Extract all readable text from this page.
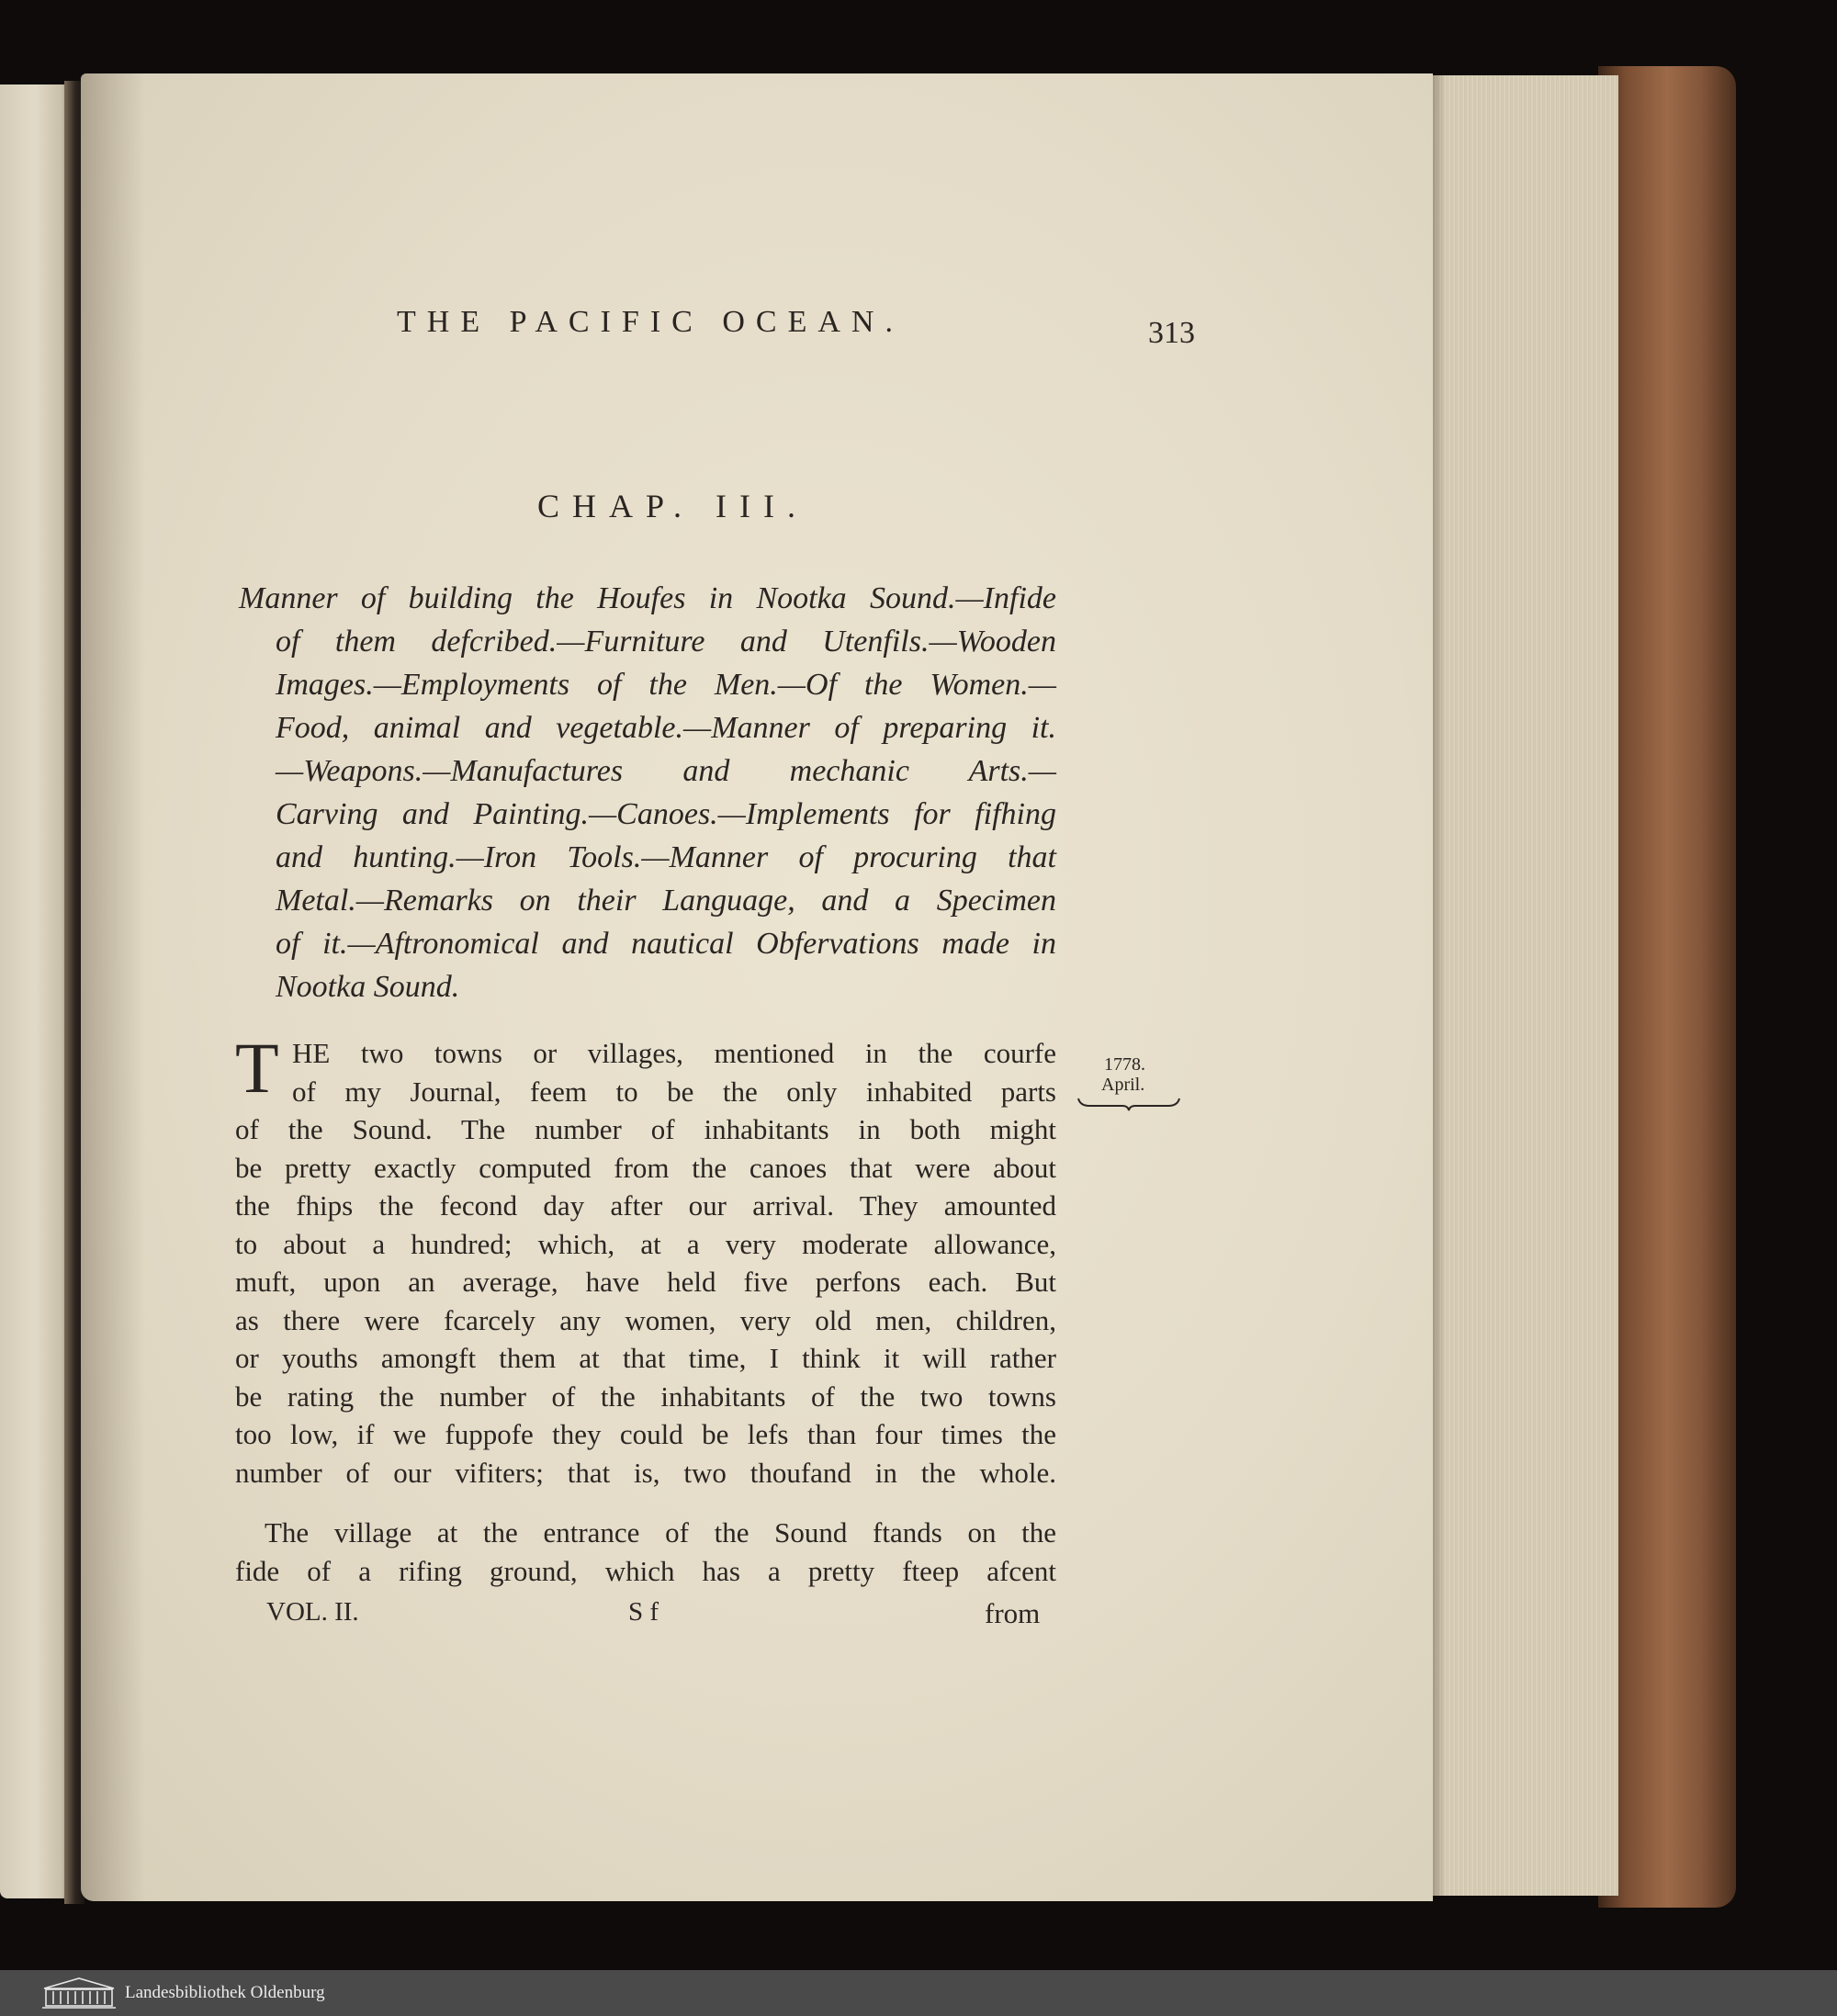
THE PACIFIC OCEAN.	313
CHAP. III.
Manner of building the Houfes in Nootka Sound.—Infide
of them defcribed.—Furniture and Utenfils.—Wooden
Images.—Employments of the Men.—Of the Women.—
Food, animal and vegetable.—Manner of preparing it.
—Weapons.—Manufactures and mechanic Arts.—
Carving and Painting.—Canoes.—Implements for fifhing
and hunting.—Iron Tools.—Manner of procuring that
Metal.—Remarks on their Language, and a Specimen
of it.—Aftronomical and nautical Obfervations made in
Nootka Sound.
T HE two towns or villages, mentioned in the courfe
of my Journal, feem to be the only inhabited parts
of the Sound. The number of inhabitants in both might
be pretty exactly computed from the canoes that were about
the fhips the fecond day after our arrival. They amounted
to about a hundred; which, at a very moderate allowance,
muft, upon an average, have held five perfons each. But
as there were fcarcely any women, very old men, children,
or youths amongft them at that time, I think it will rather
be rating the number of the inhabitants of the two towns
too low, if we fuppofe they could be lefs than four times the
number of our vifiters; that is, two thoufand in the whole.
The village at the entrance of the Sound ftands on the
fide of a rifing ground, which has a pretty fteep afcent
VOL. II.	S f	from
1778.
April.
Landesbibliothek Oldenburg
